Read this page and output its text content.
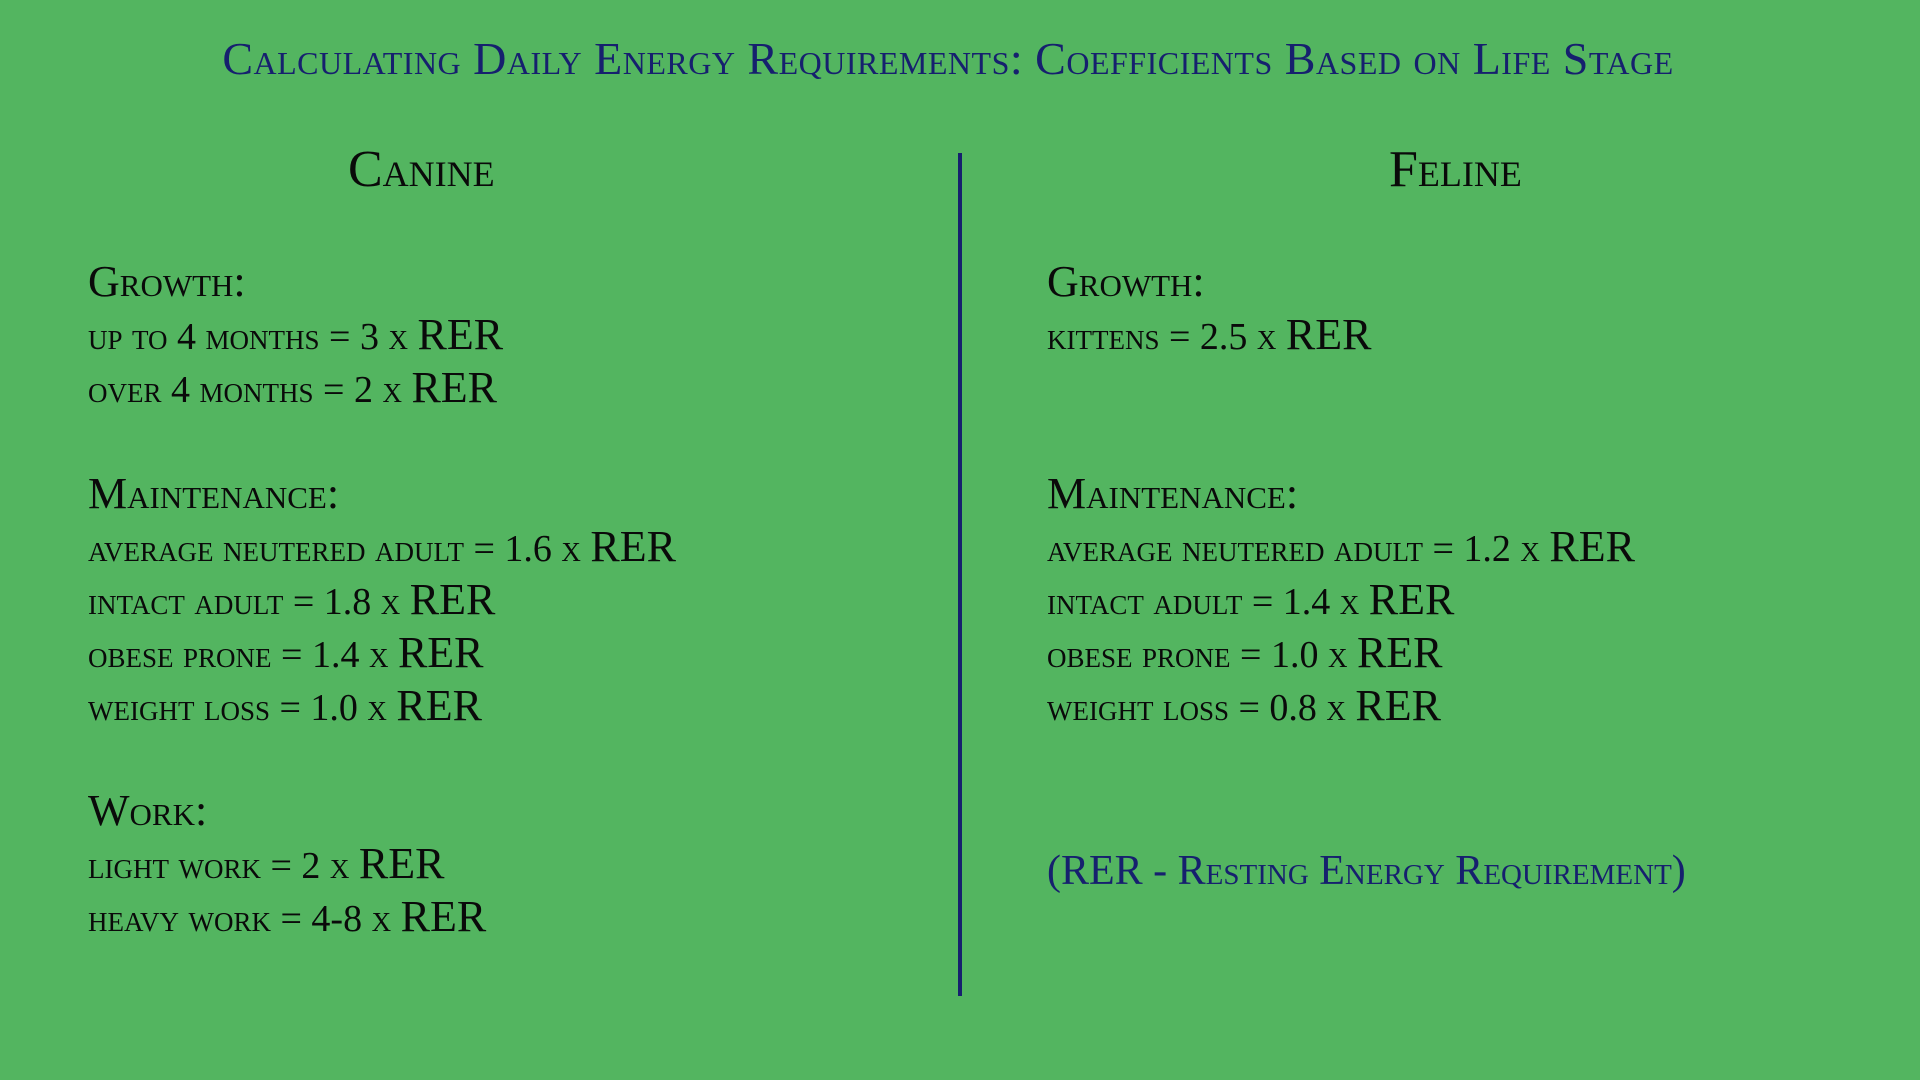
Calculating Daily Energy Requirements: Coefficients Based on Life Stage
Canine
Growth:
up to 4 months = 3 x RER
over 4 months = 2 x RER
Maintenance:
average neutered adult = 1.6 x RER
intact adult = 1.8 x RER
obese prone = 1.4 x RER
weight loss = 1.0 x RER
Work:
light work = 2 x RER
heavy work = 4-8 x RER
Feline
Growth:
kittens = 2.5 x RER
Maintenance:
average neutered adult = 1.2 x RER
intact adult = 1.4 x RER
obese prone = 1.0 x RER
weight loss = 0.8 x RER
(RER - Resting Energy Requirement)
